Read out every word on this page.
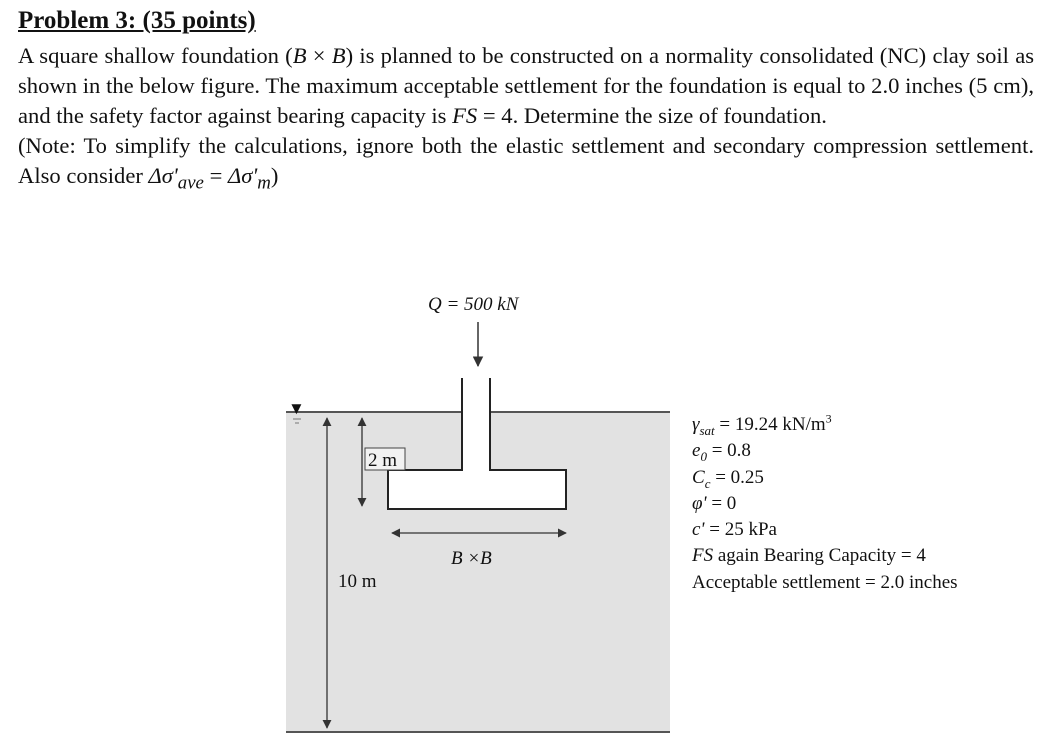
Problem 3: (35 points)

A square shallow foundation (B × B) is planned to be constructed on a normality consolidated (NC) clay soil as shown in the below figure. The maximum acceptable settlement for the foundation is equal to 2.0 inches (5 cm), and the safety factor against bearing capacity is FS = 4. Determine the size of foundation.

(Note: To simplify the calculations, ignore both the elastic settlement and secondary compression settlement. Also consider $\Delta\sigma'_{ave} = \Delta\sigma'_m$)

Q = 500 kN
▼
10 m
2 m
B ×B
$\gamma_{sat} = 19.24$ $kN/m^3$
$e_0 = 0.8$
$C_c = 0.25$
φ' = 0
c' = 25 kPa
FS again Bearing Capacity = 4
Acceptable settlement = 2.0 inches
